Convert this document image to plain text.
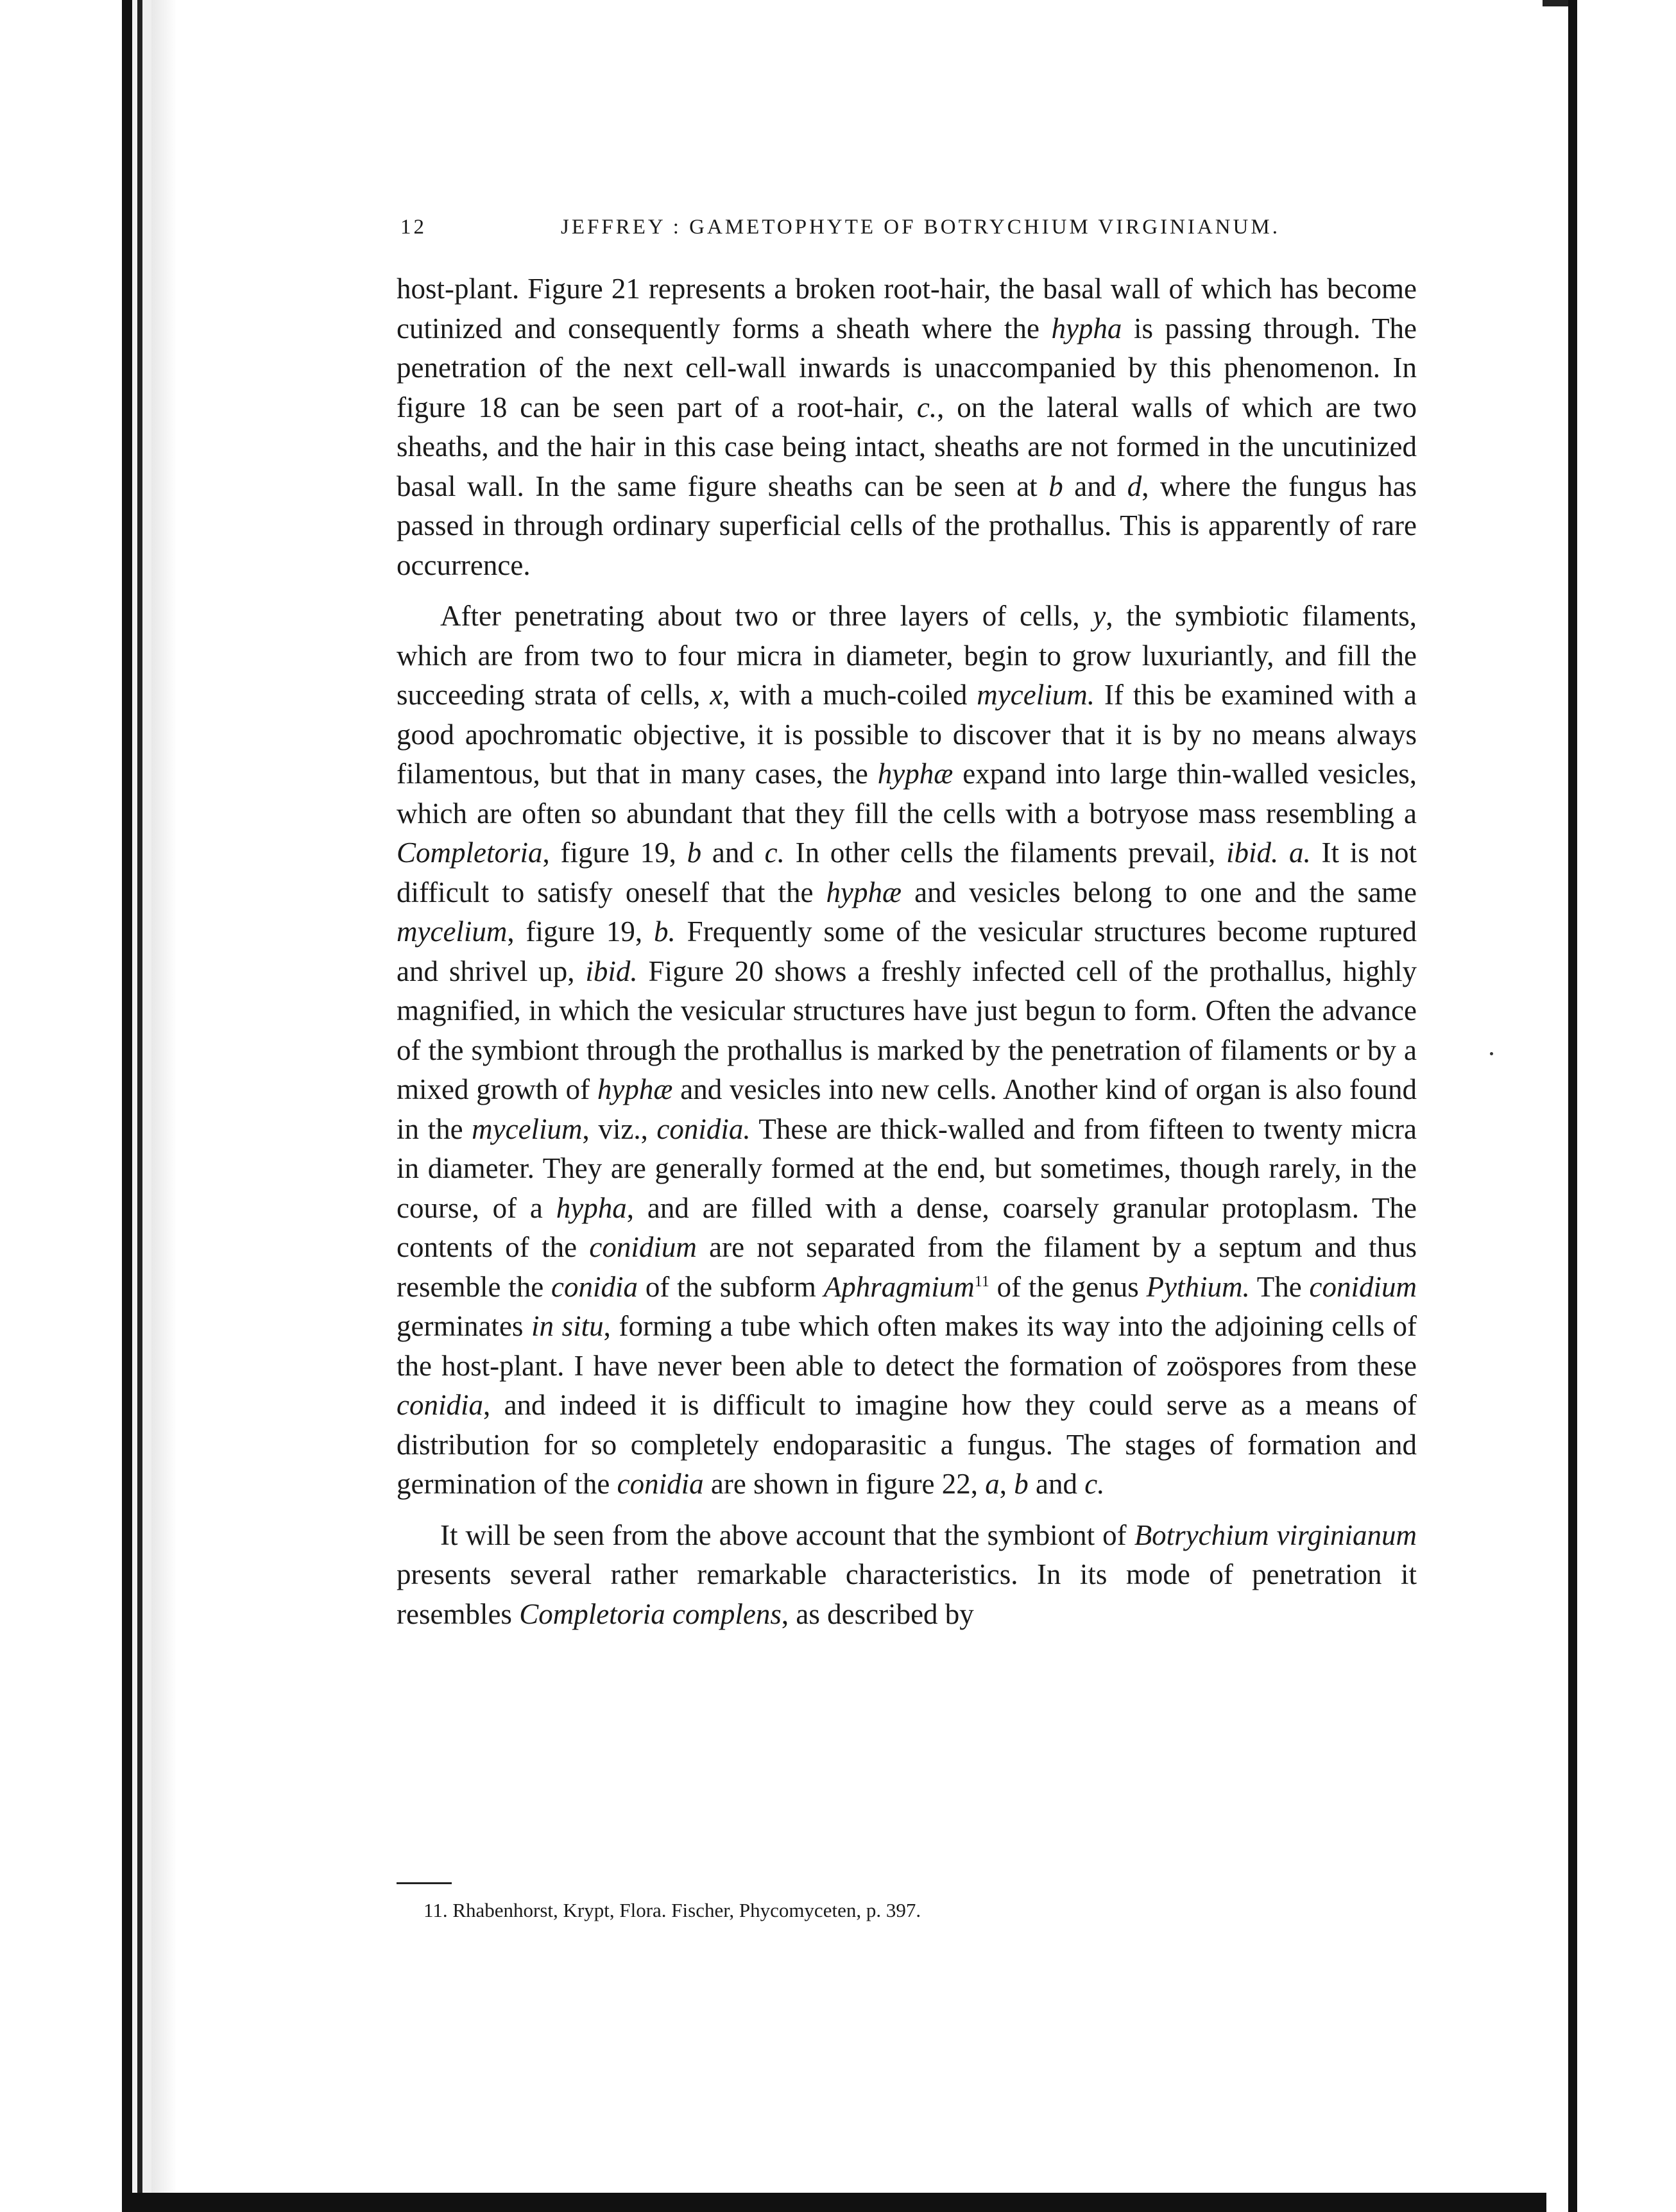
12	JEFFREY : GAMETOPHYTE OF BOTRYCHIUM VIRGINIANUM.

host-plant. Figure 21 represents a broken root-hair, the basal wall of which has become cutinized and consequently forms a sheath where the hypha is passing through. The penetration of the next cell-wall inwards is unaccompanied by this phenomenon. In figure 18 can be seen part of a root-hair, c., on the lateral walls of which are two sheaths, and the hair in this case being intact, sheaths are not formed in the uncutinized basal wall. In the same figure sheaths can be seen at b and d, where the fungus has passed in through ordinary superficial cells of the prothallus. This is apparently of rare occurrence.

After penetrating about two or three layers of cells, y, the symbiotic filaments, which are from two to four micra in diameter, begin to grow luxuriantly, and fill the succeeding strata of cells, x, with a much-coiled mycelium. If this be examined with a good apochromatic objective, it is possible to discover that it is by no means always filamentous, but that in many cases, the hyphæ expand into large thin-walled vesicles, which are often so abundant that they fill the cells with a botryose mass resembling a Completoria, figure 19, b and c. In other cells the filaments prevail, ibid. a. It is not difficult to satisfy oneself that the hyphæ and vesicles belong to one and the same mycelium, figure 19, b. Frequently some of the vesicular structures become ruptured and shrivel up, ibid. Figure 20 shows a freshly infected cell of the prothallus, highly magnified, in which the vesicular structures have just begun to form. Often the advance of the symbiont through the prothallus is marked by the penetration of filaments or by a mixed growth of hyphæ and vesicles into new cells. Another kind of organ is also found in the mycelium, viz., conidia. These are thick-walled and from fifteen to twenty micra in diameter. They are generally formed at the end, but sometimes, though rarely, in the course, of a hypha, and are filled with a dense, coarsely granular protoplasm. The contents of the conidium are not separated from the filament by a septum and thus resemble the conidia of the subform Aphragmium$^{11}$ of the genus Pythium. The conidium germinates in situ, forming a tube which often makes its way into the adjoining cells of the host-plant. I have never been able to detect the formation of zoöspores from these conidia, and indeed it is difficult to imagine how they could serve as a means of distribution for so completely endoparasitic a fungus. The stages of formation and germination of the conidia are shown in figure 22, a, b and c.

It will be seen from the above account that the symbiont of Botrychium virginianum presents several rather remarkable characteristics. In its mode of penetration it resembles Completoria complens, as described by

11. Rhabenhorst, Krypt, Flora. Fischer, Phycomyceten, p. 397.
